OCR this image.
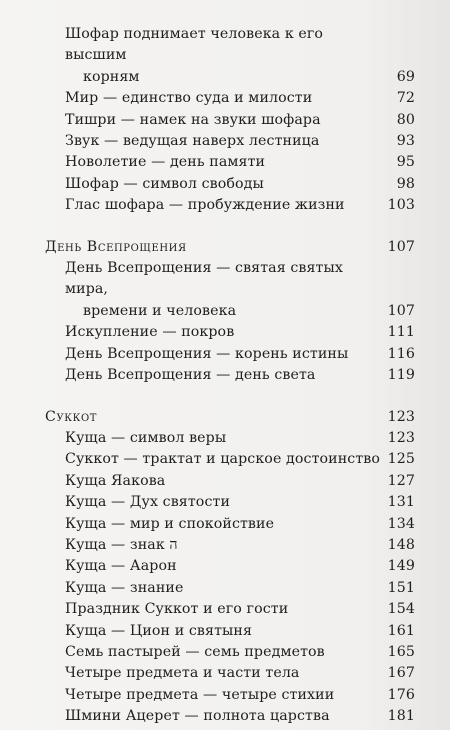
Шофар поднимает человека к его высшим
корням	69
Мир — единство суда и милости	72
Тишри — намек на звуки шофара	80
Звук — ведущая наверх лестница	93
Новолетие — день памяти	95
Шофар — символ свободы	98
Глас шофара — пробуждение жизни	103
День Всепрощения	107
День Всепрощения — святая святых мира,
времени и человека	107
Искупление — покров	111
День Всепрощения — корень истины	116
День Всепрощения — день света	119
Суккот	123
Куща — символ веры	123
Суккот — трактат и царское достоинство 125
Куща Яакова	127
Куща — Дух святости	131
Куща — мир и спокойствие	134
Куща — знак ה	148
Куща — Аарон	149
Куща — знание	151
Праздник Суккот и его гости	154
Куща — Цион и святыня	161
Семь пастырей — семь предметов	165
Четыре предмета и части тела	167
Четыре предмета — четыре стихии	176
Шмини Ацерет — полнота царства	181
